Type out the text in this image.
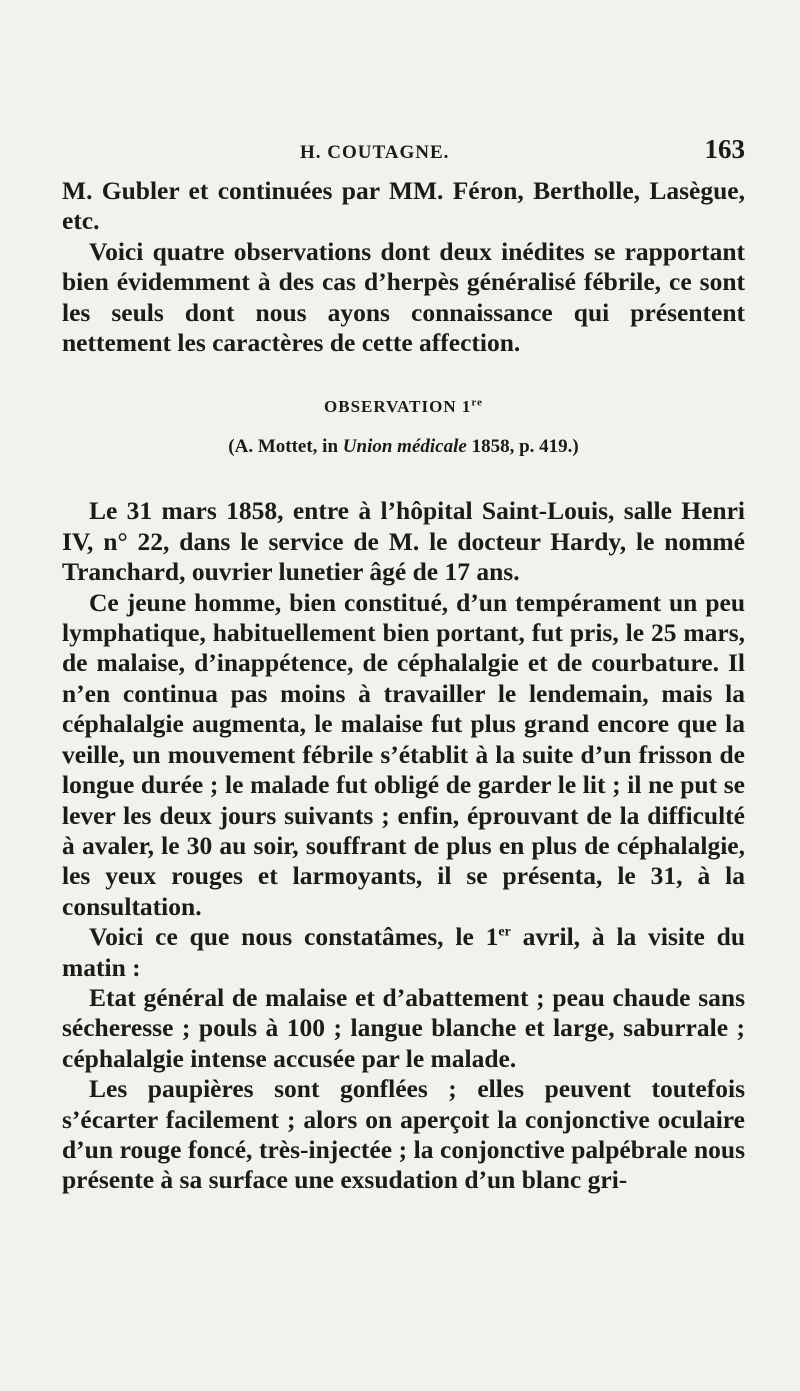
H. COUTAGNE.	163

M. Gubler et continuées par MM. Féron, Bertholle, Lasègue, etc.

Voici quatre observations dont deux inédites se rapportant bien évidemment à des cas d’herpès généralisé fébrile, ce sont les seuls dont nous ayons connaissance qui présentent nettement les caractères de cette affection.

OBSERVATION 1re
(A. Mottet, in Union médicale 1858, p. 419.)

Le 31 mars 1858, entre à l’hôpital Saint-Louis, salle Henri IV, n° 22, dans le service de M. le docteur Hardy, le nommé Tranchard, ouvrier lunetier âgé de 17 ans.

Ce jeune homme, bien constitué, d’un tempérament un peu lymphatique, habituellement bien portant, fut pris, le 25 mars, de malaise, d’inappétence, de céphalalgie et de courbature. Il n’en continua pas moins à travailler le lendemain, mais la céphalalgie augmenta, le malaise fut plus grand encore que la veille, un mouvement fébrile s’établit à la suite d’un frisson de longue durée ; le malade fut obligé de garder le lit ; il ne put se lever les deux jours suivants ; enfin, éprouvant de la difficulté à avaler, le 30 au soir, souffrant de plus en plus de céphalalgie, les yeux rouges et larmoyants, il se présenta, le 31, à la consultation.

Voici ce que nous constatâmes, le 1er avril, à la visite du matin :

Etat général de malaise et d’abattement ; peau chaude sans sécheresse ; pouls à 100 ; langue blanche et large, saburrale ; céphalalgie intense accusée par le malade.

Les paupières sont gonflées ; elles peuvent toutefois s’écarter facilement ; alors on aperçoit la conjonctive oculaire d’un rouge foncé, très-injectée ; la conjonctive palpébrale nous présente à sa surface une exsudation d’un blanc gri-
